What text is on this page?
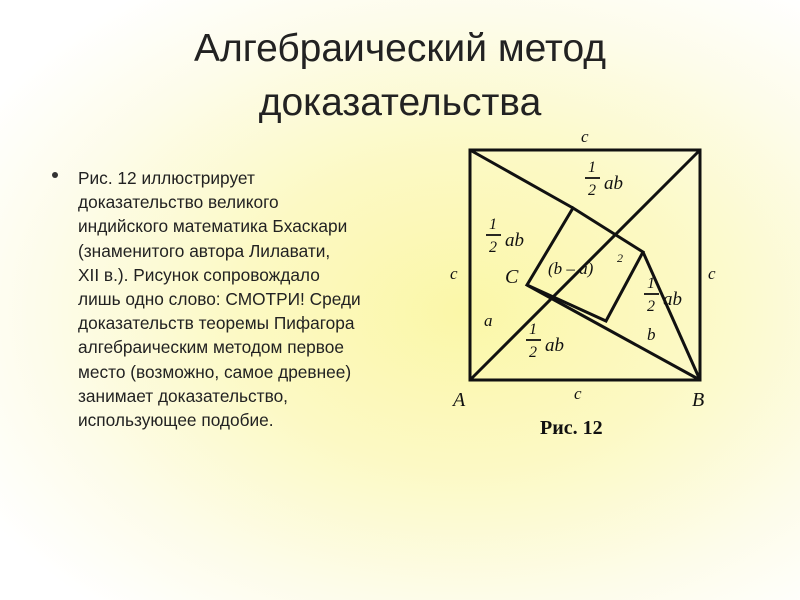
Алгебраический метод
доказательства
Рис. 12 иллюстрирует
доказательство великого
индийского математика Бхаскари
(знаменитого автора Лилавати,
XII в.). Рисунок сопровождало
лишь одно слово: СМОТРИ! Среди
доказательств теоремы Пифагора
алгебраическим методом первое
место (возможно, самое древнее)
занимает доказательство,
использующее подобие.
c
c	c
c
a
b
A	B
C
1
2 ab
1
2 ab
1
2 ab
1
2 ab
(b – a)
2
Рис. 12
